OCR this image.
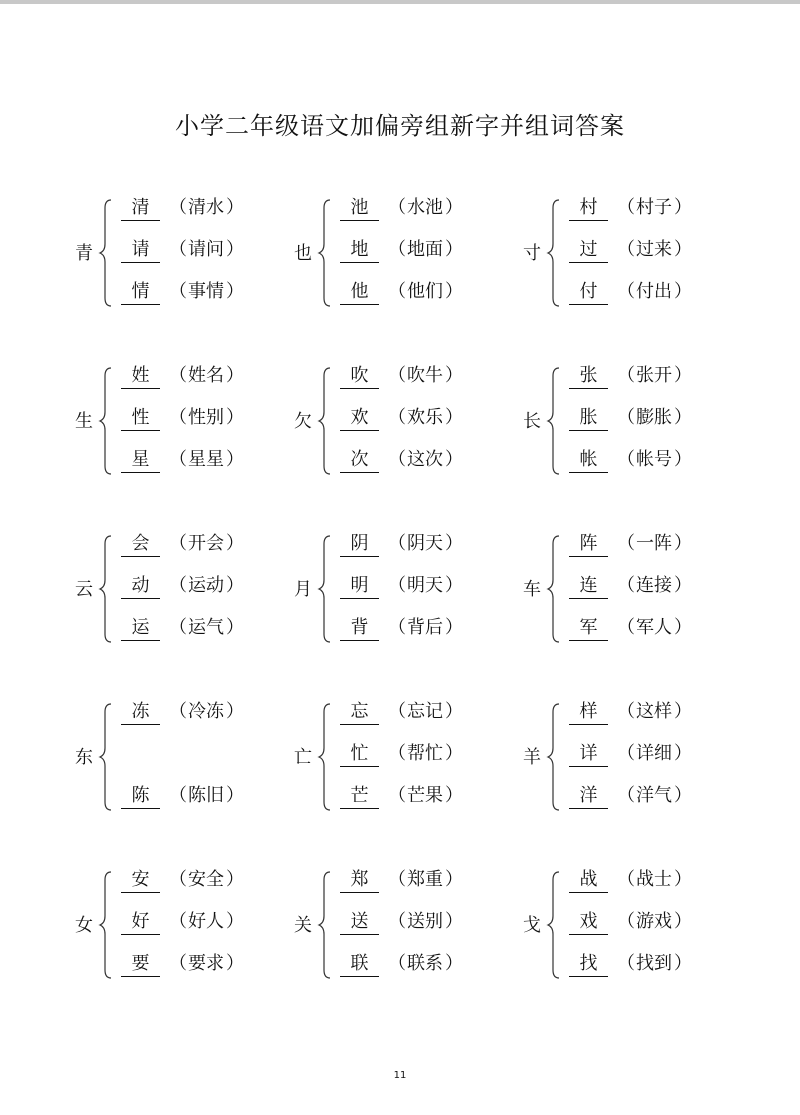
小学二年级语文加偏旁组新字并组词答案
青
清	（ 清水 ）
请	（ 请问 ）
情	（ 事情 ）
也
池	（ 水池 ）
地	（ 地面 ）
他	（ 他们 ）
寸
村	（ 村子 ）
过	（ 过来 ）
付	（ 付出 ）
生
姓	（ 姓名 ）
性	（ 性别 ）
星	（ 星星 ）
欠
吹	（ 吹牛 ）
欢	（ 欢乐 ）
次	（ 这次 ）
长
张	（ 张开 ）
胀	（ 膨胀 ）
帐	（ 帐号 ）
云
会	（ 开会 ）
动	（ 运动 ）
运	（ 运气 ）
月
阴	（ 阴天 ）
明	（ 明天 ）
背	（ 背后 ）
车
阵	（ 一阵 ）
连	（ 连接 ）
军	（ 军人 ）
东
冻	（ 冷冻 ）
陈	（ 陈旧 ）
亡
忘	（ 忘记 ）
忙	（ 帮忙 ）
芒	（ 芒果 ）
羊
样	（ 这样 ）
详	（ 详细 ）
洋	（ 洋气 ）
女
安	（ 安全 ）
好	（ 好人 ）
要	（ 要求 ）
关
郑	（ 郑重 ）
送	（ 送别 ）
联	（ 联系 ）
戈
战	（ 战士 ）
戏	（ 游戏 ）
找	（ 找到 ）
11
